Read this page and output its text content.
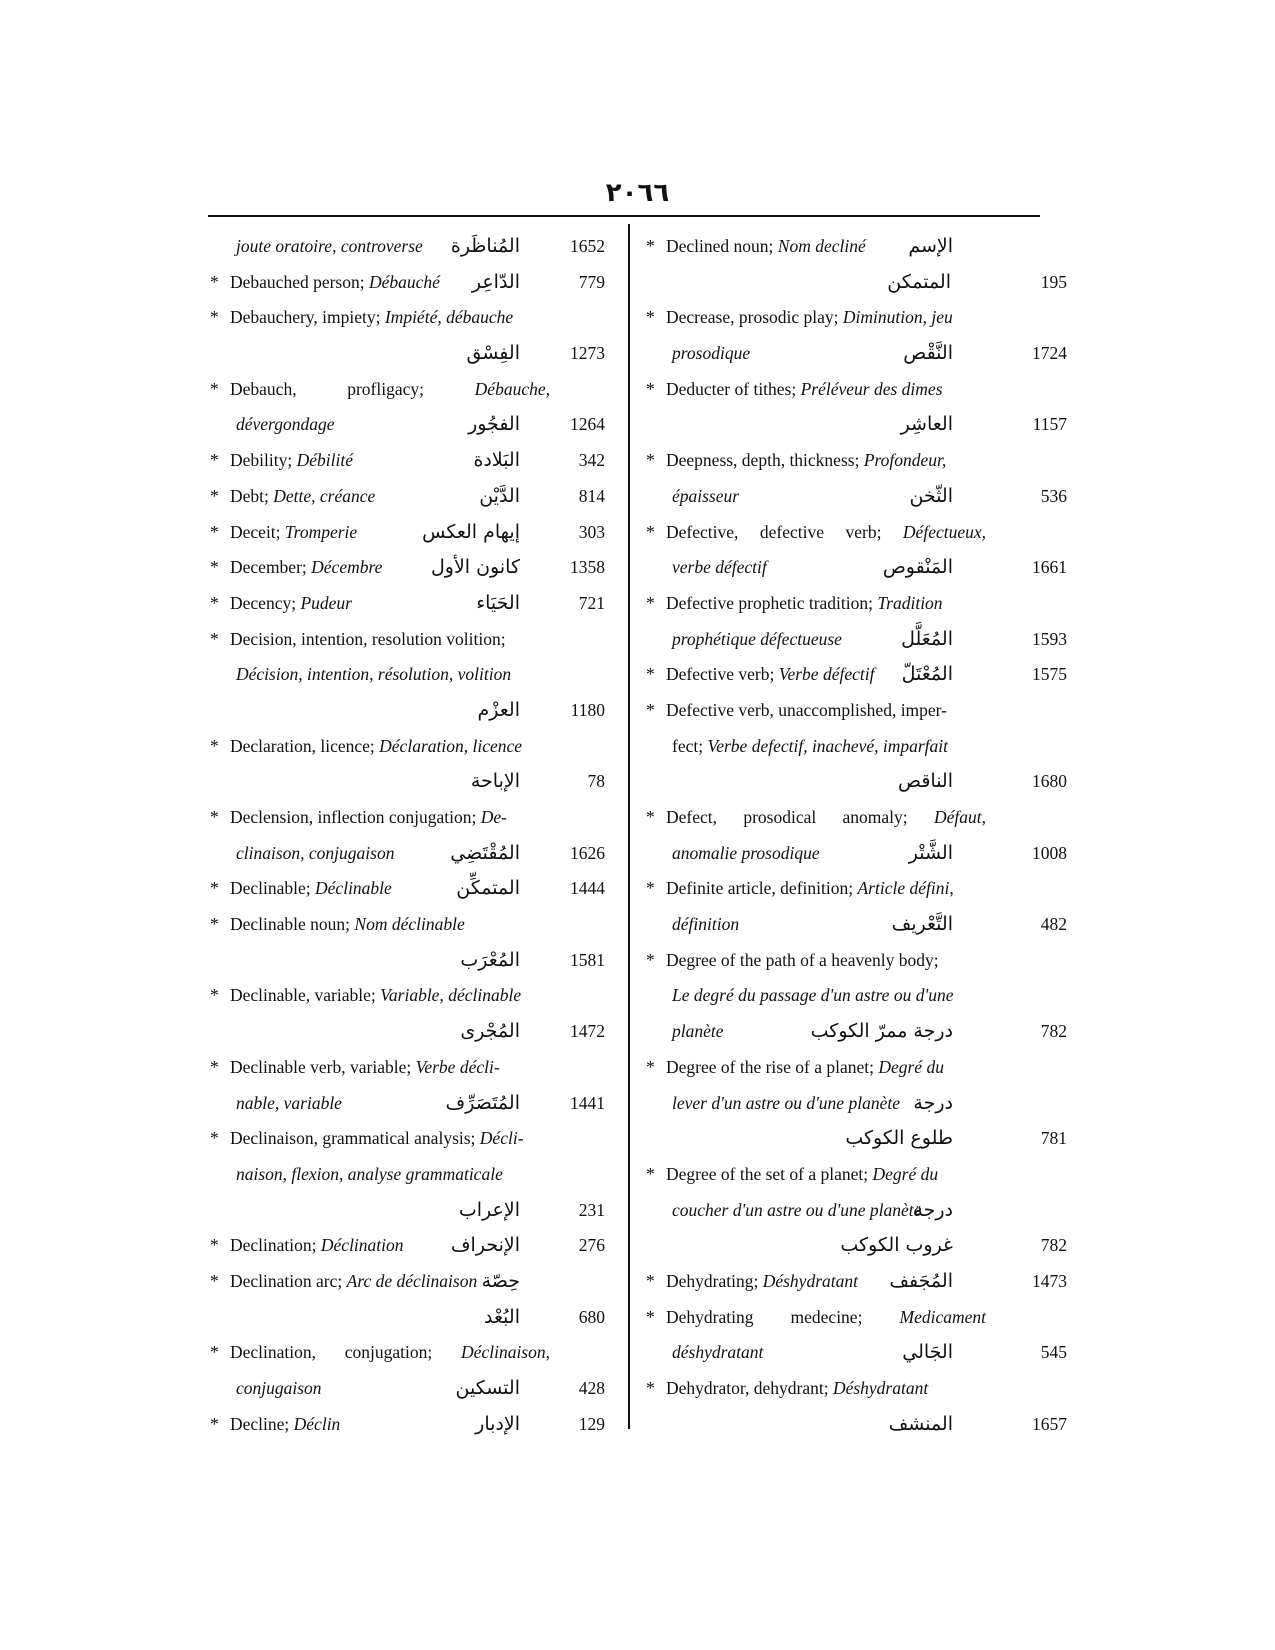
٢٠٦٦
joute oratoire, controverse المُناظَرة	1652
* Debauched person; Débauché الدّاعِر	779
* Debauchery, impiety; Impiété, débauche
الفِسْق	1273
* Debauch, profligacy; Débauche,
dévergondage	الفجُور	1264
* Debility; Débilité	البَلادة	342
* Debt; Dette, créance	الدَّيْن	814
* Deceit; Tromperie	إيهام العكس	303
* December; Décembre	كانون الأول	1358
* Decency; Pudeur	الحَيَاء	721
* Decision, intention, resolution volition;
Décision, intention, résolution, volition
العزْم	1180
* Declaration, licence; Déclaration, licence
الإباحة	78
* Declension, inflection conjugation; De-
clinaison, conjugaison	المُقْتَضِي	1626
* Declinable; Déclinable	المتمكِّن	1444
* Declinable noun; Nom déclinable
المُعْرَب	1581
* Declinable, variable; Variable, déclinable
المُجْرى	1472
* Declinable verb, variable; Verbe décli-
nable, variable	المُتَصَرِّف	1441
* Declinaison, grammatical analysis; Décli-
naison, flexion, analyse grammaticale
الإعراب	231
* Declination; Déclination الإنحراف	276
* Declination arc; Arc de déclinaison حِصّة
البُعْد	680
* Declination, conjugation; Déclinaison,
conjugaison	التسكين	428
* Decline; Déclin	الإدبار	129
* Declined noun; Nom decliné الإسم
المتمكن	195
* Decrease, prosodic play; Diminution, jeu
prosodique	النَّقْص	1724
* Deducter of tithes; Préléveur des dimes
العاشِر	1157
* Deepness, depth, thickness; Profondeur,
épaisseur	الثّخن	536
* Defective, defective verb; Défectueux,
verbe défectif	المَنْقوص	1661
* Defective prophetic tradition; Tradition
prophétique défectueuse	المُعَلَّل	1593
* Defective verb; Verbe défectif المُعْتَلّ	1575
* Defective verb, unaccomplished, imper-
fect; Verbe defectif, inachevé, imparfait
الناقص	1680
* Defect, prosodical anomaly; Défaut,
anomalie prosodique	الشَّتْر	1008
* Definite article, definition; Article défini,
définition	التَّعْريف	482
* Degree of the path of a heavenly body;
Le degré du passage d'un astre ou d'une
planète	درجة ممرّ الكوكب	782
* Degree of the rise of a planet; Degré du
lever d'un astre ou d'une planète درجة
طلوع الكوكب	781
* Degree of the set of a planet; Degré du
coucher d'un astre ou d'une planète
درجة
غروب الكوكب	782
* Dehydrating; Déshydratant المُجَفف	1473
* Dehydrating medecine; Medicament
déshydratant	الجَالي	545
* Dehydrator, dehydrant; Déshydratant
المنشف	1657
